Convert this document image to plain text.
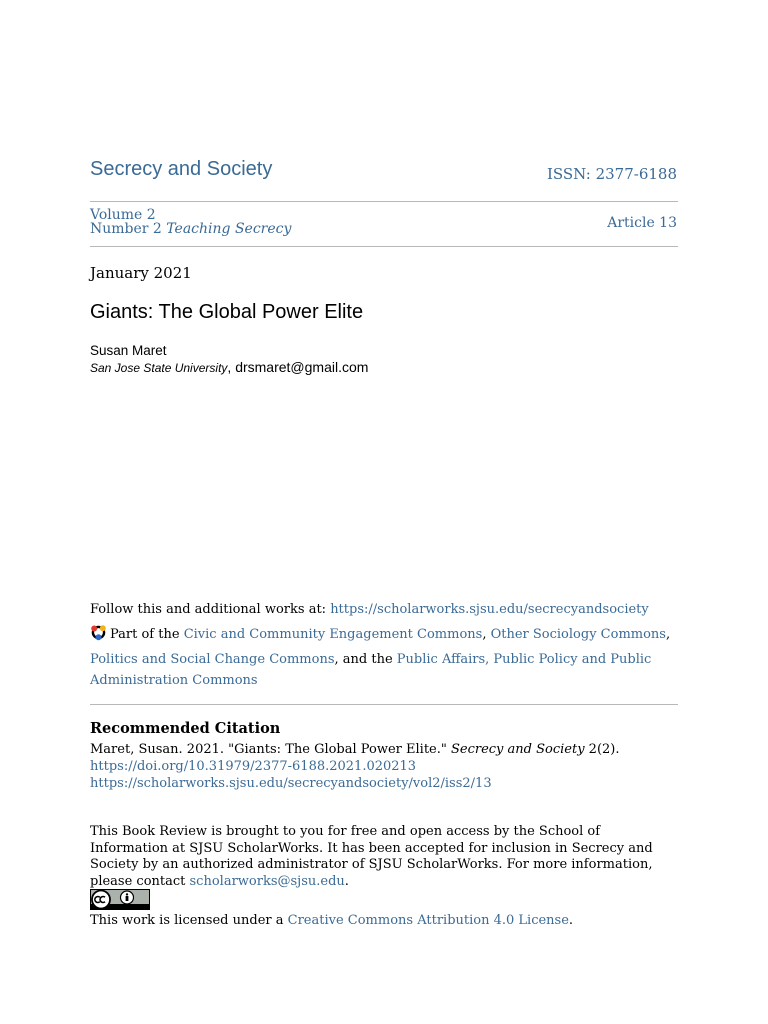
Secrecy and Society	ISSN: 2377-6188
Volume 2
Number 2 Teaching Secrecy	Article 13
January 2021
Giants: The Global Power Elite
Susan Maret
San Jose State University, drsmaret@gmail.com
Follow this and additional works at: https://scholarworks.sjsu.edu/secrecyandsociety
Part of the Civic and Community Engagement Commons, Other Sociology Commons, Politics and Social Change Commons, and the Public Affairs, Public Policy and Public Administration Commons
Recommended Citation
Maret, Susan. 2021. "Giants: The Global Power Elite." Secrecy and Society 2(2).
https://doi.org/10.31979/2377-6188.2021.020213 https://scholarworks.sjsu.edu/secrecyandsociety/vol2/iss2/13
This Book Review is brought to you for free and open access by the School of Information at SJSU ScholarWorks. It has been accepted for inclusion in Secrecy and Society by an authorized administrator of SJSU ScholarWorks. For more information, please contact scholarworks@sjsu.edu.
This work is licensed under a Creative Commons Attribution 4.0 License.
